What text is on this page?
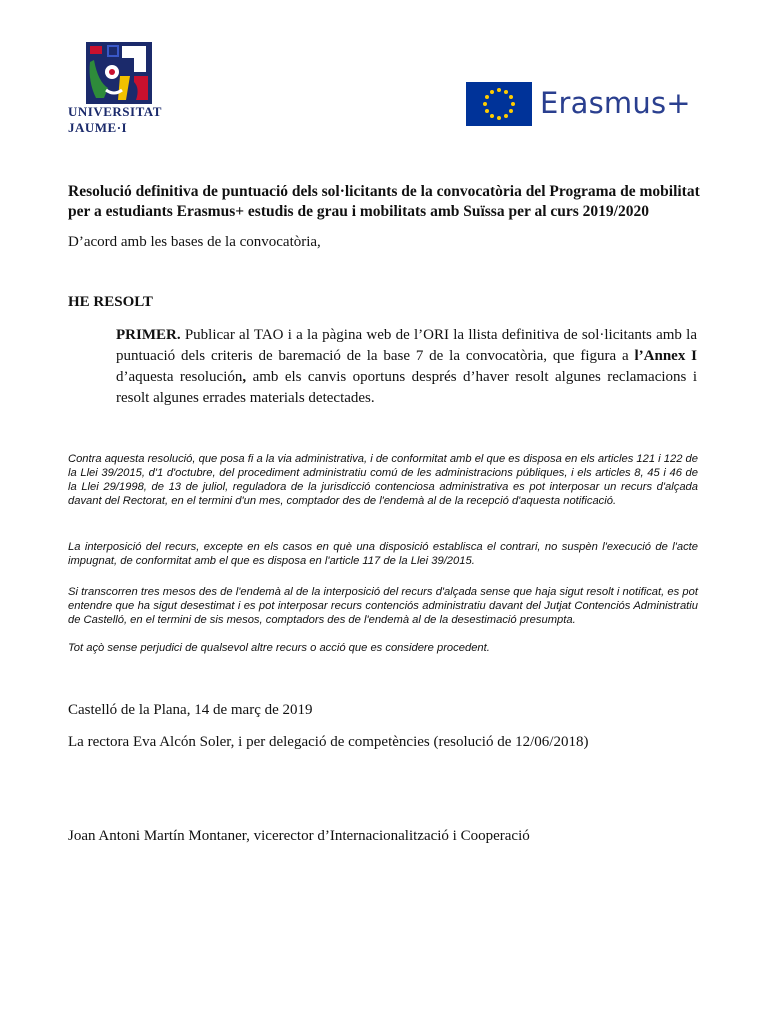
UNIVERSITAT
JAUME·I
Erasmus+
Resolució definitiva de puntuació dels sol·licitants de la convocatòria del Programa de mobilitat per a estudiants Erasmus+ estudis de grau i mobilitats amb Suïssa per al curs 2019/2020
D’acord amb les bases de la convocatòria,
HE RESOLT
PRIMER. Publicar al TAO i a la pàgina web de l’ORI la llista definitiva de sol·licitants amb la puntuació dels criteris de baremació de la base 7 de la convocatòria, que figura a l’Annex I d’aquesta resolución, amb els canvis oportuns després d’haver resolt algunes reclamacions i resolt algunes errades materials detectades.
Contra aquesta resolució, que posa fi a la via administrativa, i de conformitat amb el que es disposa en els articles 121 i 122 de la Llei 39/2015, d'1 d'octubre, del procediment administratiu comú de les administracions públiques, i els articles 8, 45 i 46 de la Llei 29/1998, de 13 de juliol, reguladora de la jurisdicció contenciosa administrativa es pot interposar un recurs d'alçada davant del Rectorat, en el termini d'un mes, comptador des de l'endemà al de la recepció d'aquesta notificació.
La interposició del recurs, excepte en els casos en què una disposició establisca el contrari, no suspèn l'execució de l'acte impugnat, de conformitat amb el que es disposa en l'article 117 de la Llei 39/2015.
Si transcorren tres mesos des de l'endemà al de la interposició del recurs d'alçada sense que haja sigut resolt i notificat, es pot entendre que ha sigut desestimat i es pot interposar recurs contenciós administratiu davant del Jutjat Contenciós Administratiu de Castelló, en el termini de sis mesos, comptadors des de l'endemà al de la desestimació presumpta.
Tot açò sense perjudici de qualsevol altre recurs o acció que es considere procedent.
Castelló de la Plana, 14 de març de 2019
La rectora Eva Alcón Soler, i per delegació de competències (resolució de 12/06/2018)
Joan Antoni Martín Montaner, vicerector d’Internacionalització i Cooperació
